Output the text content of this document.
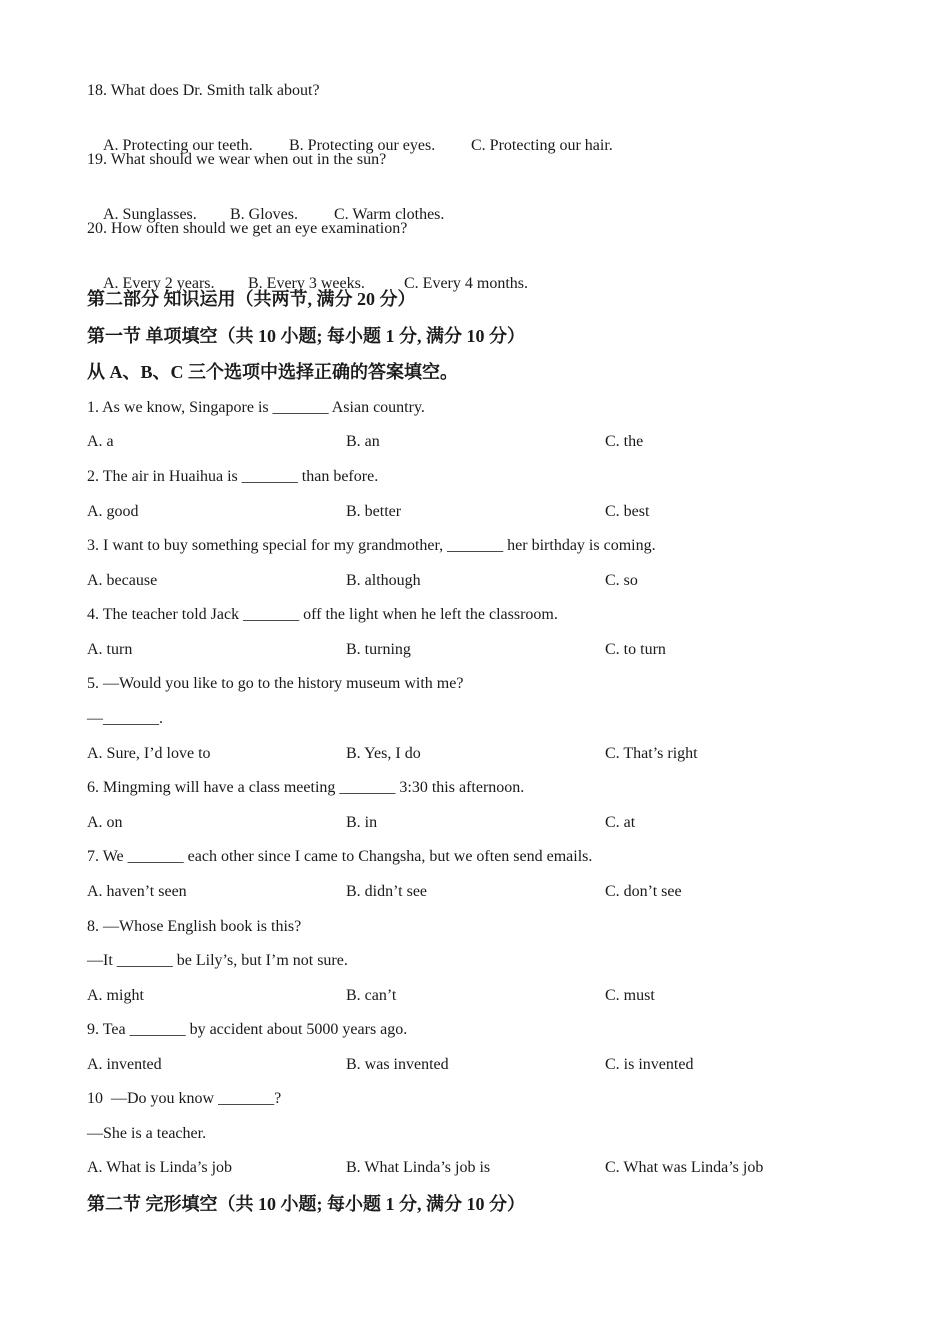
18. What does Dr. Smith talk about?

A. Protecting our teeth. B. Protecting our eyes. C. Protecting our hair.

19. What should we wear when out in the sun?

A. Sunglasses. B. Gloves. C. Warm clothes.

20. How often should we get an eye examination?

A. Every 2 years. B. Every 3 weeks. C. Every 4 months.

第二部分 知识运用（共两节, 满分 20 分）
第一节 单项填空（共 10 小题; 每小题 1 分, 满分 10 分）
从 A、B、C 三个选项中选择正确的答案填空。
1. As we know, Singapore is _______ Asian country.
A. a	B. an	C. the
2. The air in Huaihua is _______ than before.
A. good	B. better	C. best
3. I want to buy something special for my grandmother, _______ her birthday is coming.
A. because	B. although	C. so
4. The teacher told Jack _______ off the light when he left the classroom.
A. turn	B. turning	C. to turn
5. —Would you like to go to the history museum with me?
—_______.
A. Sure, I’d love to	B. Yes, I do	C. That’s right
6. Mingming will have a class meeting _______ 3:30 this afternoon.
A. on	B. in	C. at
7. We _______ each other since I came to Changsha, but we often send emails.
A. haven’t seen	B. didn’t see	C. don’t see
8. —Whose English book is this?
—It _______ be Lily’s, but I’m not sure.
A. might	B. can’t	C. must
9. Tea _______ by accident about 5000 years ago.
A. invented	B. was invented	C. is invented
10  —Do you know _______?
—She is a teacher.
A. What is Linda’s job	B. What Linda’s job is	C. What was Linda’s job
第二节 完形填空（共 10 小题; 每小题 1 分, 满分 10 分）
